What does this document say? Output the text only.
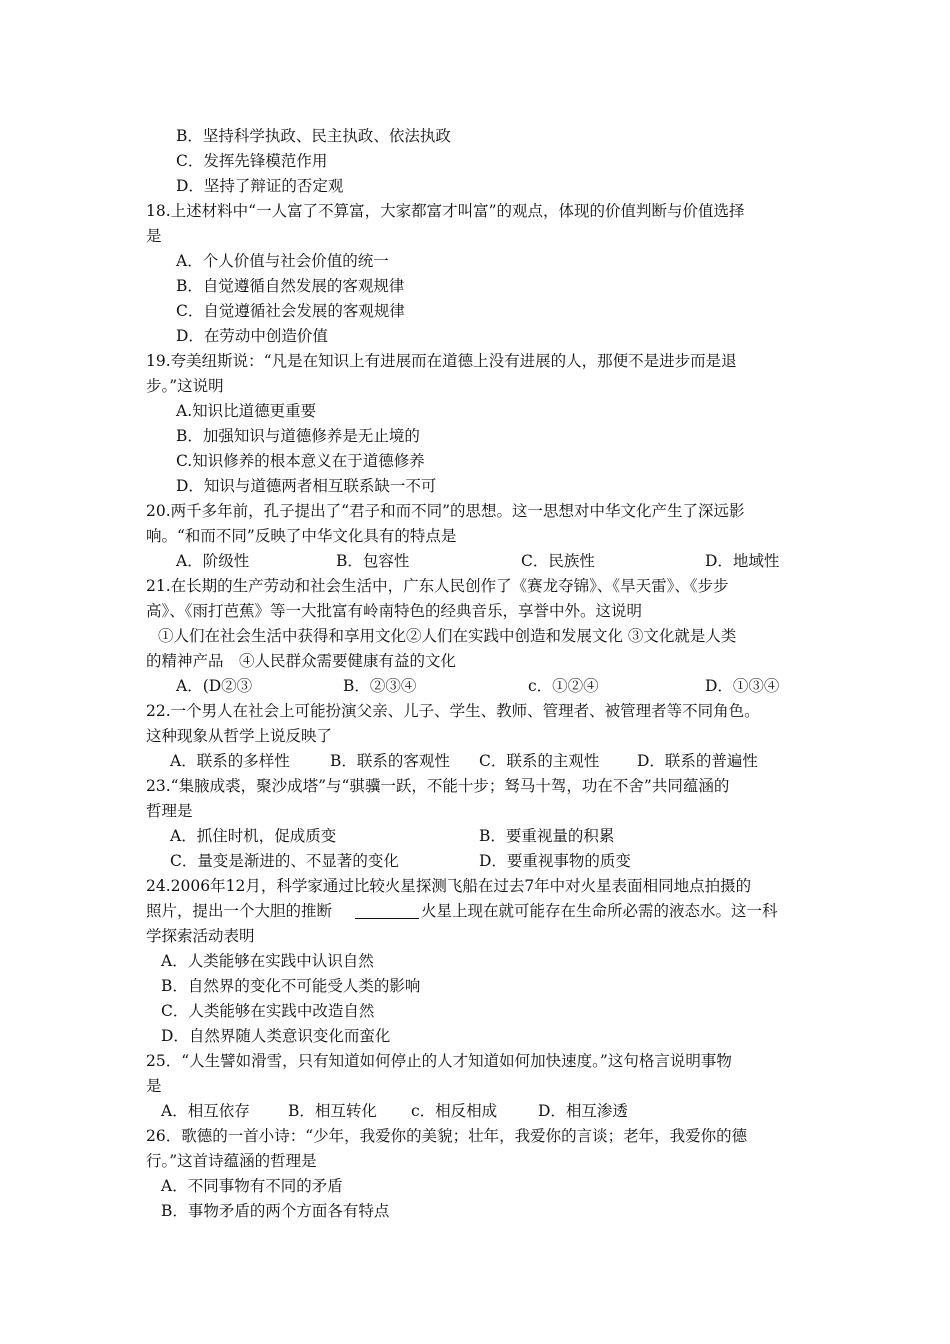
B．坚持科学执政、民主执政、依法执政
C．发挥先锋模范作用
D．坚持了辩证的否定观
18.上述材料中“一人富了不算富，大家都富才叫富”的观点，体现的价值判断与价值选择
是
A．个人价值与社会价值的统一
B．自觉遵循自然发展的客观规律
C．自觉遵循社会发展的客观规律
D．在劳动中创造价值
19.夸美纽斯说：“凡是在知识上有进展而在道德上没有进展的人，那便不是进步而是退
步。”这说明
A.知识比道德更重要
B．加强知识与道德修养是无止境的
C.知识修养的根本意义在于道德修养
D．知识与道德两者相互联系缺一不可
20.两千多年前，孔子提出了“君子和而不同”的思想。这一思想对中华文化产生了深远影
响。“和而不同”反映了中华文化具有的特点是
A．阶级性	B．包容性	C．民族性	D．地域性
21.在长期的生产劳动和社会生活中，广东人民创作了《赛龙夺锦》、《旱天雷》、《步步
高》、《雨打芭蕉》等一大批富有岭南特色的经典音乐，享誉中外。这说明
①人们在社会生活中获得和享用文化②人们在实践中创造和发展文化 ③文化就是人类
的精神产品　④人民群众需要健康有益的文化
A．(D②③	B．②③④	c．①②④	D．①③④
22.一个男人在社会上可能扮演父亲、儿子、学生、教师、管理者、被管理者等不同角色。
这种现象从哲学上说反映了
A．联系的多样性	B．联系的客观性 C．联系的主观性 D．联系的普遍性
23.“集腋成裘，聚沙成塔”与“骐骥一跃，不能十步；驽马十驾，功在不舍”共同蕴涵的
哲理是
A．抓住时机，促成质变	B．要重视量的积累
C．量变是渐进的、不显著的变化	D．要重视事物的质变
24.2006年12月，科学家通过比较火星探测飞船在过去7年中对火星表面相同地点拍摄的
照片，提出一个大胆的推断	火星上现在就可能存在生命所必需的液态水。这一科
学探索活动表明
A．人类能够在实践中认识自然
B．自然界的变化不可能受人类的影响
C．人类能够在实践中改造自然
D．自然界随人类意识变化而蛮化
25．“人生譬如滑雪，只有知道如何停止的人才知道如何加快速度。”这句格言说明事物
是
A．相互依存 B．相互转化 c．相反相成	D．相互渗透
26．歌德的一首小诗：“少年，我爱你的美貌；壮年，我爱你的言谈；老年，我爱你的德
行。”这首诗蕴涵的哲理是
A．不同事物有不同的矛盾
B．事物矛盾的两个方面各有特点
